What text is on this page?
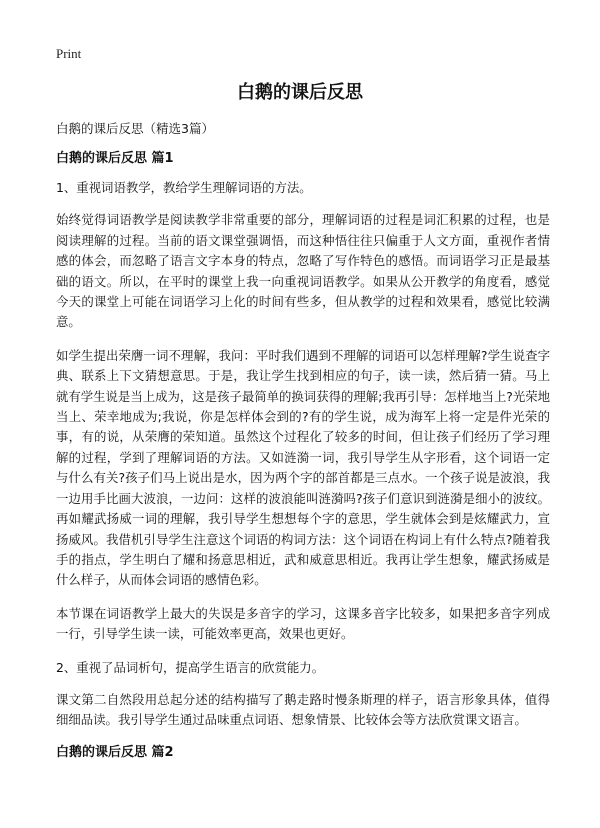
Print
白鹅的课后反思
白鹅的课后反思（精选3篇）
白鹅的课后反思 篇1

1、重视词语教学，教给学生理解词语的方法。

始终觉得词语教学是阅读教学非常重要的部分，理解词语的过程是词汇积累的过程，也是阅读理解的过程。当前的语文课堂强调悟，而这种悟往往只偏重于人文方面，重视作者情感的体会，而忽略了语言文字本身的特点，忽略了写作特色的感悟。而词语学习正是最基础的语文。所以，在平时的课堂上我一向重视词语教学。如果从公开教学的角度看，感觉今天的课堂上可能在词语学习上化的时间有些多，但从教学的过程和效果看，感觉比较满意。

如学生提出荣膺一词不理解，我问：平时我们遇到不理解的词语可以怎样理解?学生说查字典、联系上下文猜想意思。于是，我让学生找到相应的句子，读一读，然后猜一猜。马上就有学生说是当上成为，这是孩子最简单的换词获得的理解;我再引导：怎样地当上?光荣地当上、荣幸地成为;我说，你是怎样体会到的?有的学生说，成为海军上将一定是件光荣的事，有的说，从荣膺的荣知道。虽然这个过程化了较多的时间，但让孩子们经历了学习理解的过程，学到了理解词语的方法。又如涟漪一词，我引导学生从字形看，这个词语一定与什么有关?孩子们马上说出是水，因为两个字的部首都是三点水。一个孩子说是波浪，我一边用手比画大波浪，一边问：这样的波浪能叫涟漪吗?孩子们意识到涟漪是细小的波纹。再如耀武扬威一词的理解，我引导学生想想每个字的意思，学生就体会到是炫耀武力，宣扬威风。我借机引导学生注意这个词语的构词方法：这个词语在构词上有什么特点?随着我手的指点，学生明白了耀和扬意思相近，武和威意思相近。我再让学生想象，耀武扬威是什么样子，从而体会词语的感情色彩。

本节课在词语教学上最大的失误是多音字的学习，这课多音字比较多，如果把多音字列成一行，引导学生读一读，可能效率更高，效果也更好。

2、重视了品词析句，提高学生语言的欣赏能力。

课文第二自然段用总起分述的结构描写了鹅走路时慢条斯理的样子，语言形象具体，值得细细品读。我引导学生通过品味重点词语、想象情景、比较体会等方法欣赏课文语言。

白鹅的课后反思 篇2
